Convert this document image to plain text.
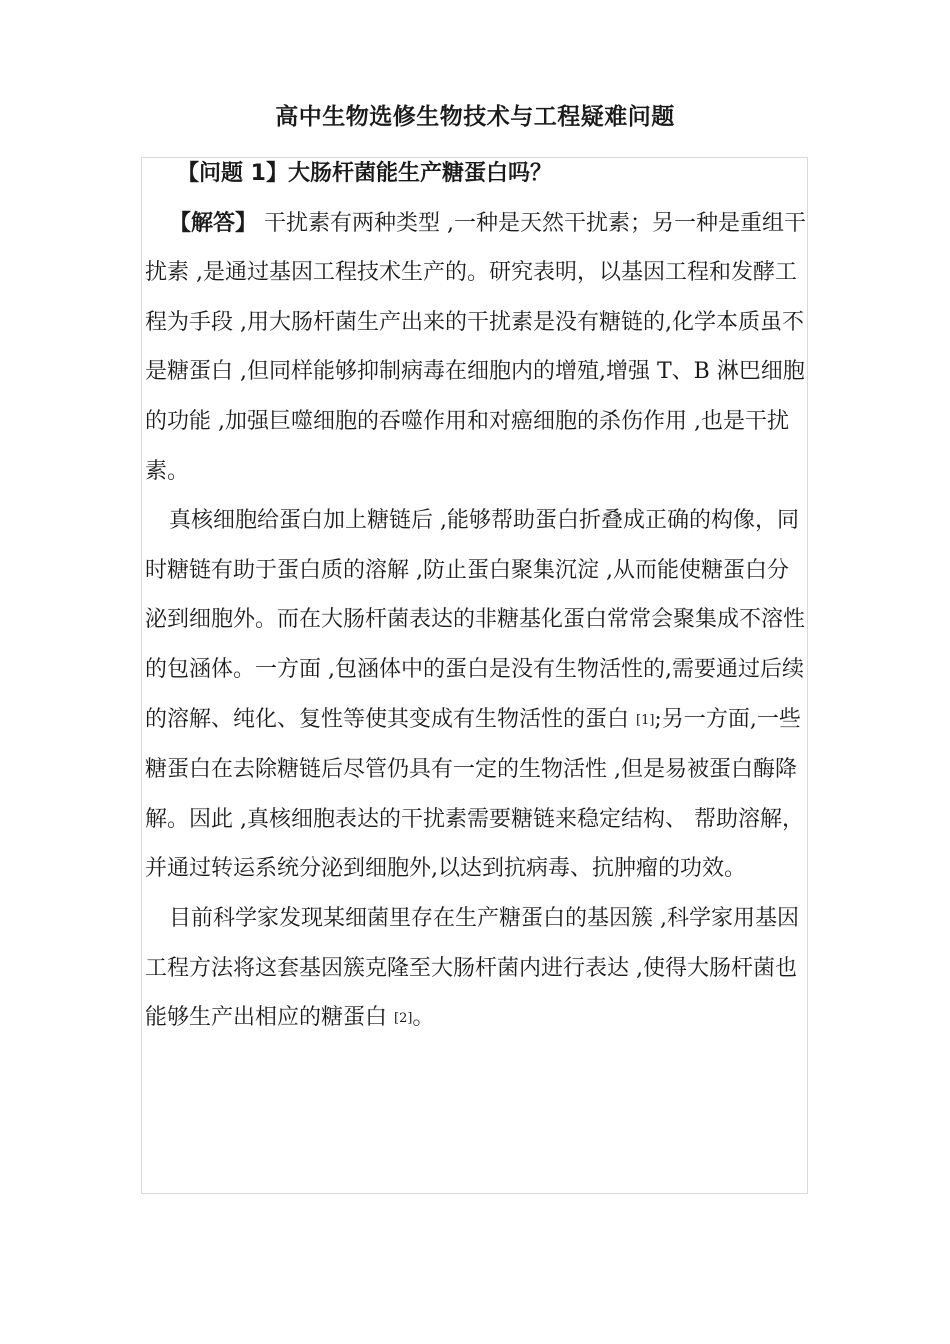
高中生物选修生物技术与工程疑难问题

【问题 1】大肠杆菌能生产糖蛋白吗？

【解答】 干扰素有两种类型 ,一种是天然干扰素；另一种是重组干扰素 ,是通过基因工程技术生产的。研究表明，以基因工程和发酵工程为手段 ,用大肠杆菌生产出来的干扰素是没有糖链的,化学本质虽不是糖蛋白 ,但同样能够抑制病毒在细胞内的增殖,增强 T、B 淋巴细胞的功能 ,加强巨噬细胞的吞噬作用和对癌细胞的杀伤作用 ,也是干扰素。

真核细胞给蛋白加上糖链后 ,能够帮助蛋白折叠成正确的构像，同时糖链有助于蛋白质的溶解 ,防止蛋白聚集沉淀 ,从而能使糖蛋白分泌到细胞外。而在大肠杆菌表达的非糖基化蛋白常常会聚集成不溶性的包涵体。一方面 ,包涵体中的蛋白是没有生物活性的,需要通过后续的溶解、纯化、复性等使其变成有生物活性的蛋白 [1];另一方面,一些糖蛋白在去除糖链后尽管仍具有一定的生物活性 ,但是易被蛋白酶降解。因此 ,真核细胞表达的干扰素需要糖链来稳定结构、 帮助溶解，并通过转运系统分泌到细胞外,以达到抗病毒、抗肿瘤的功效。

目前科学家发现某细菌里存在生产糖蛋白的基因簇 ,科学家用基因工程方法将这套基因簇克隆至大肠杆菌内进行表达 ,使得大肠杆菌也能够生产出相应的糖蛋白 [2]。
